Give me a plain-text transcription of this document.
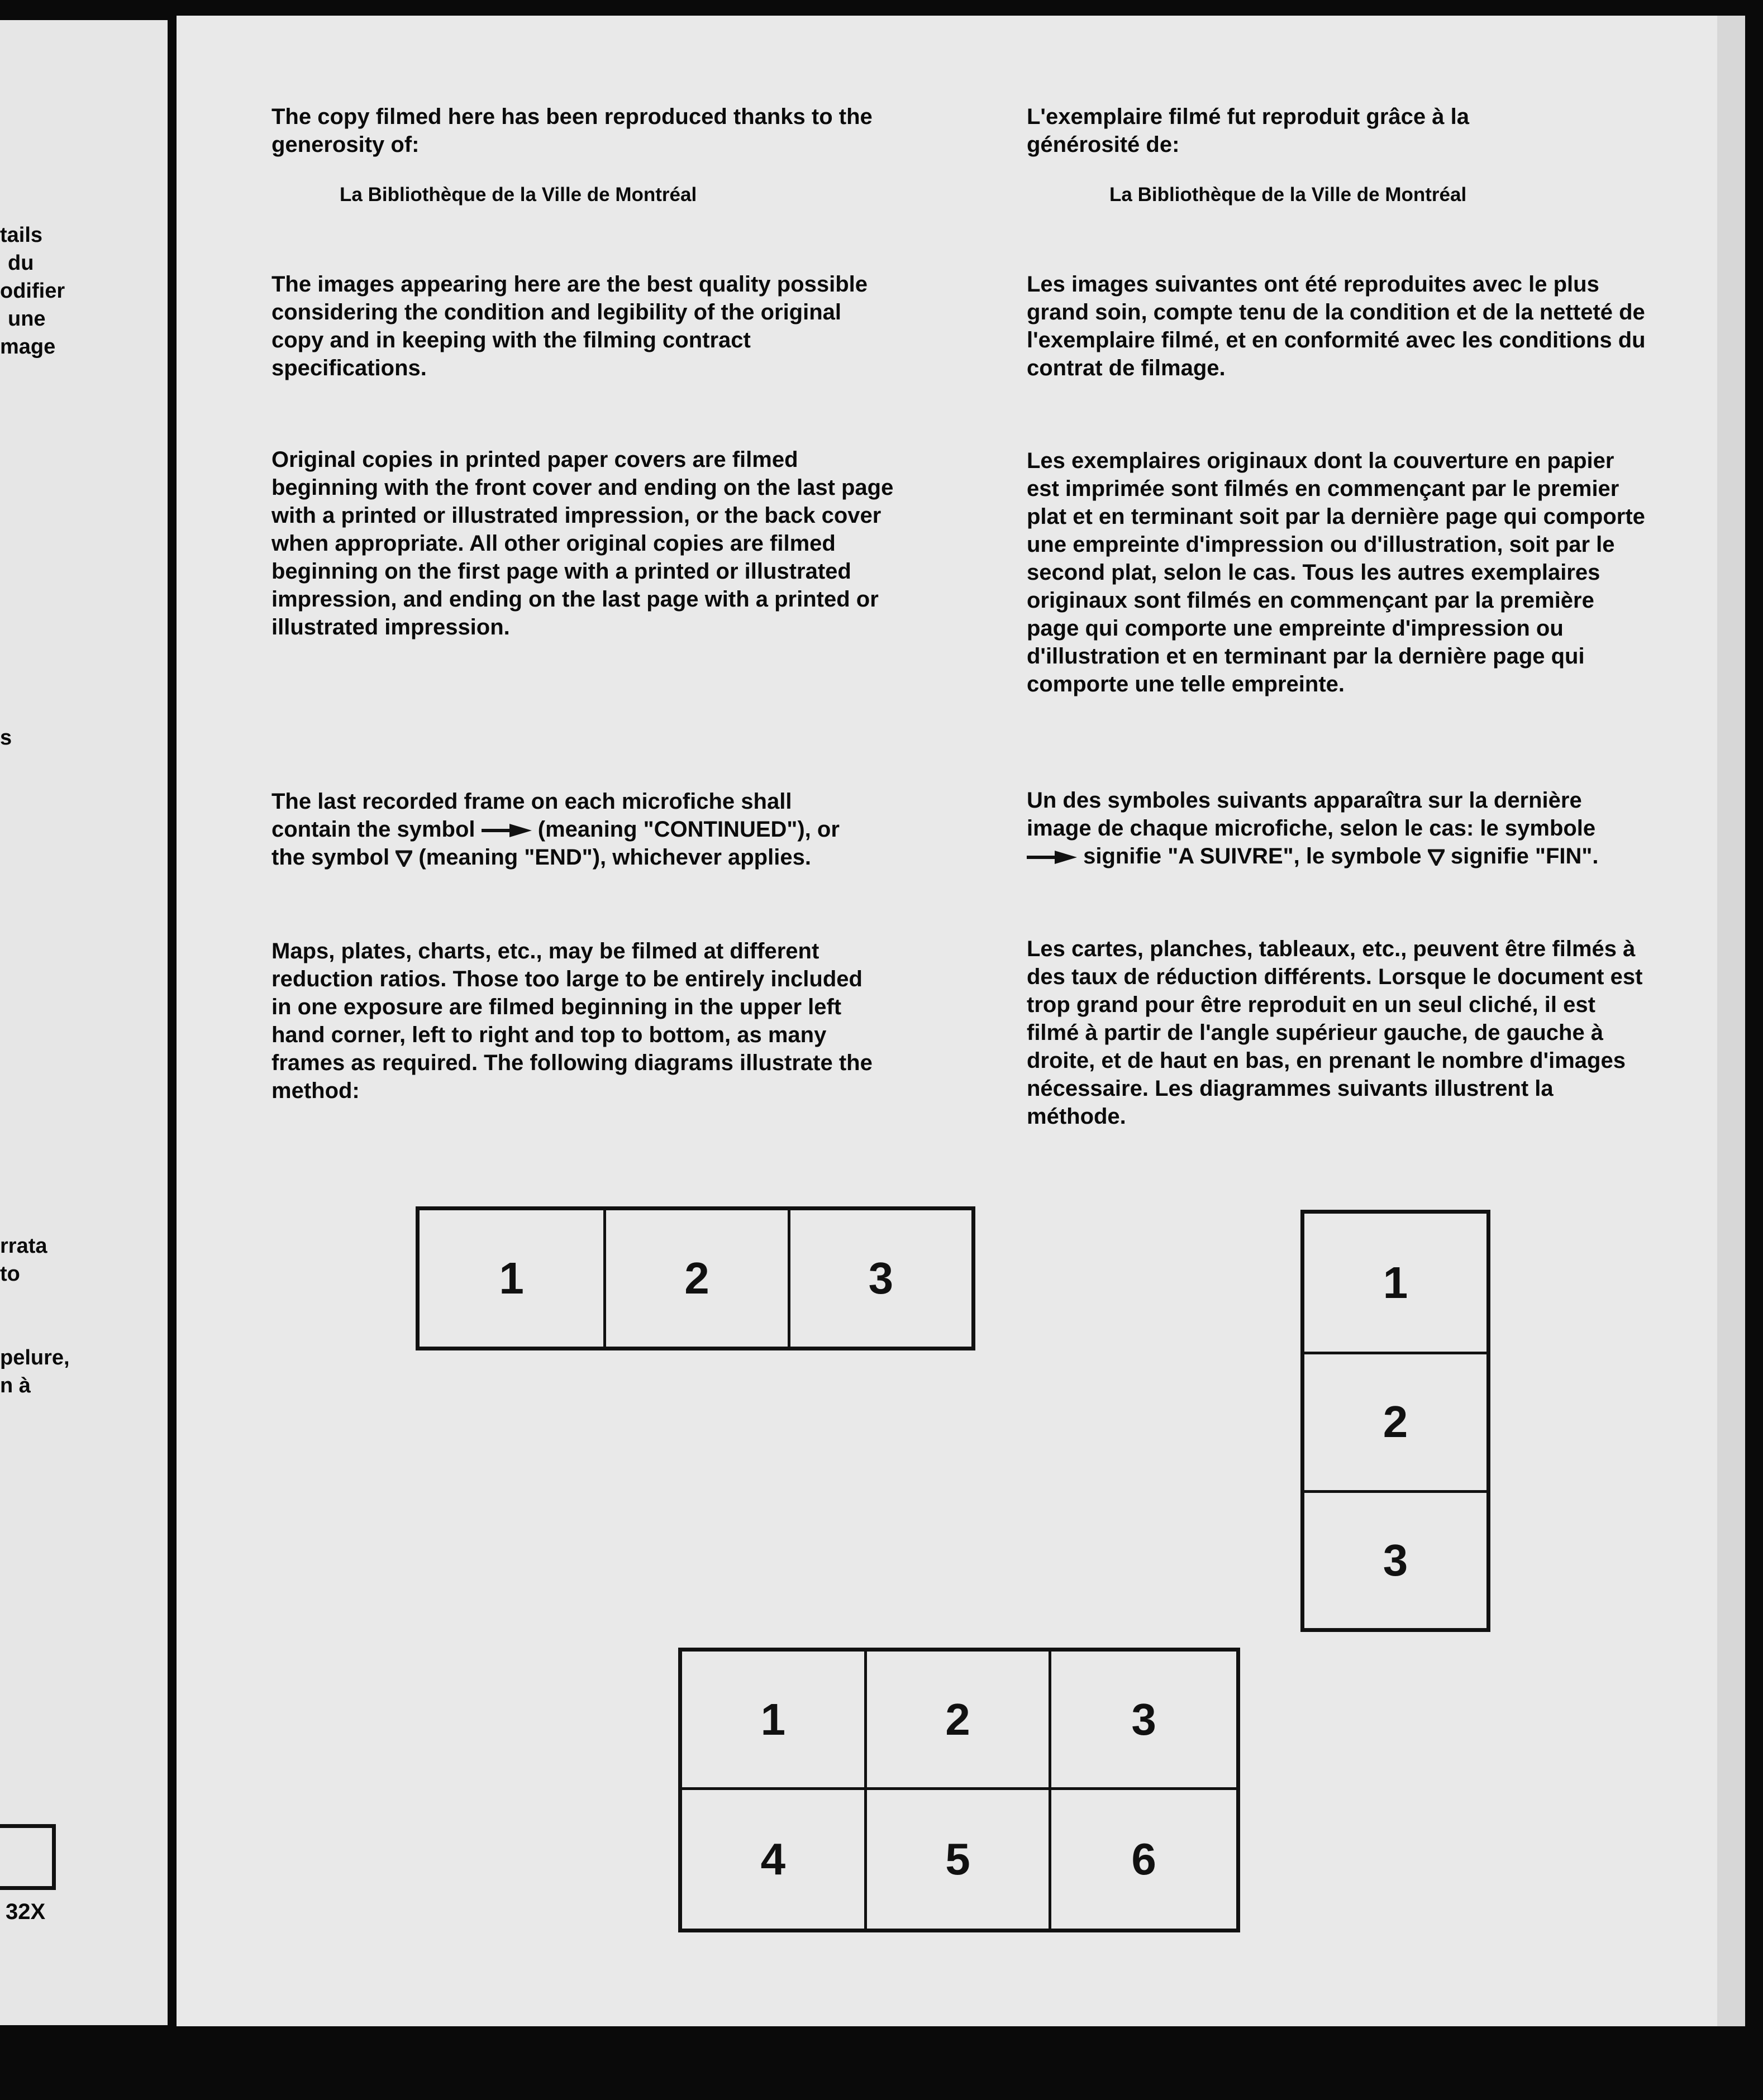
tails
du
odifier
une
mage
s
rrata
to
pelure,
n à
32X

The copy filmed here has been reproduced thanks to the generosity of:

La Bibliothèque de la Ville de Montréal

The images appearing here are the best quality possible considering the condition and legibility of the original copy and in keeping with the filming contract specifications.

Original copies in printed paper covers are filmed beginning with the front cover and ending on the last page with a printed or illustrated impression, or the back cover when appropriate. All other original copies are filmed beginning on the first page with a printed or illustrated impression, and ending on the last page with a printed or illustrated impression.

The last recorded frame on each microfiche shall contain the symbol	(meaning "CONTINUED"), or the symbol (meaning "END"), whichever applies.

Maps, plates, charts, etc., may be filmed at different reduction ratios. Those too large to be entirely included in one exposure are filmed beginning in the upper left hand corner, left to right and top to bottom, as many frames as required. The following diagrams illustrate the method:

L'exemplaire filmé fut reproduit grâce à la générosité de:

La Bibliothèque de la Ville de Montréal

Les images suivantes ont été reproduites avec le plus grand soin, compte tenu de la condition et de la netteté de l'exemplaire filmé, et en conformité avec les conditions du contrat de filmage.

Les exemplaires originaux dont la couverture en papier est imprimée sont filmés en commençant par le premier plat et en terminant soit par la dernière page qui comporte une empreinte d'impression ou d'illustration, soit par le second plat, selon le cas. Tous les autres exemplaires originaux sont filmés en commençant par la première page qui comporte une empreinte d'impression ou d'illustration et en terminant par la dernière page qui comporte une telle empreinte.

Un des symboles suivants apparaîtra sur la dernière image de chaque microfiche, selon le cas: le symbole  signifie "A SUIVRE", le symbole signifie "FIN".

Les cartes, planches, tableaux, etc., peuvent être filmés à des taux de réduction différents. Lorsque le document est trop grand pour être reproduit en un seul cliché, il est filmé à partir de l'angle supérieur gauche, de gauche à droite, et de haut en bas, en prenant le nombre d'images nécessaire. Les diagrammes suivants illustrent la méthode.

1	2	3	1
2
3
1	2	3
4	5	6
